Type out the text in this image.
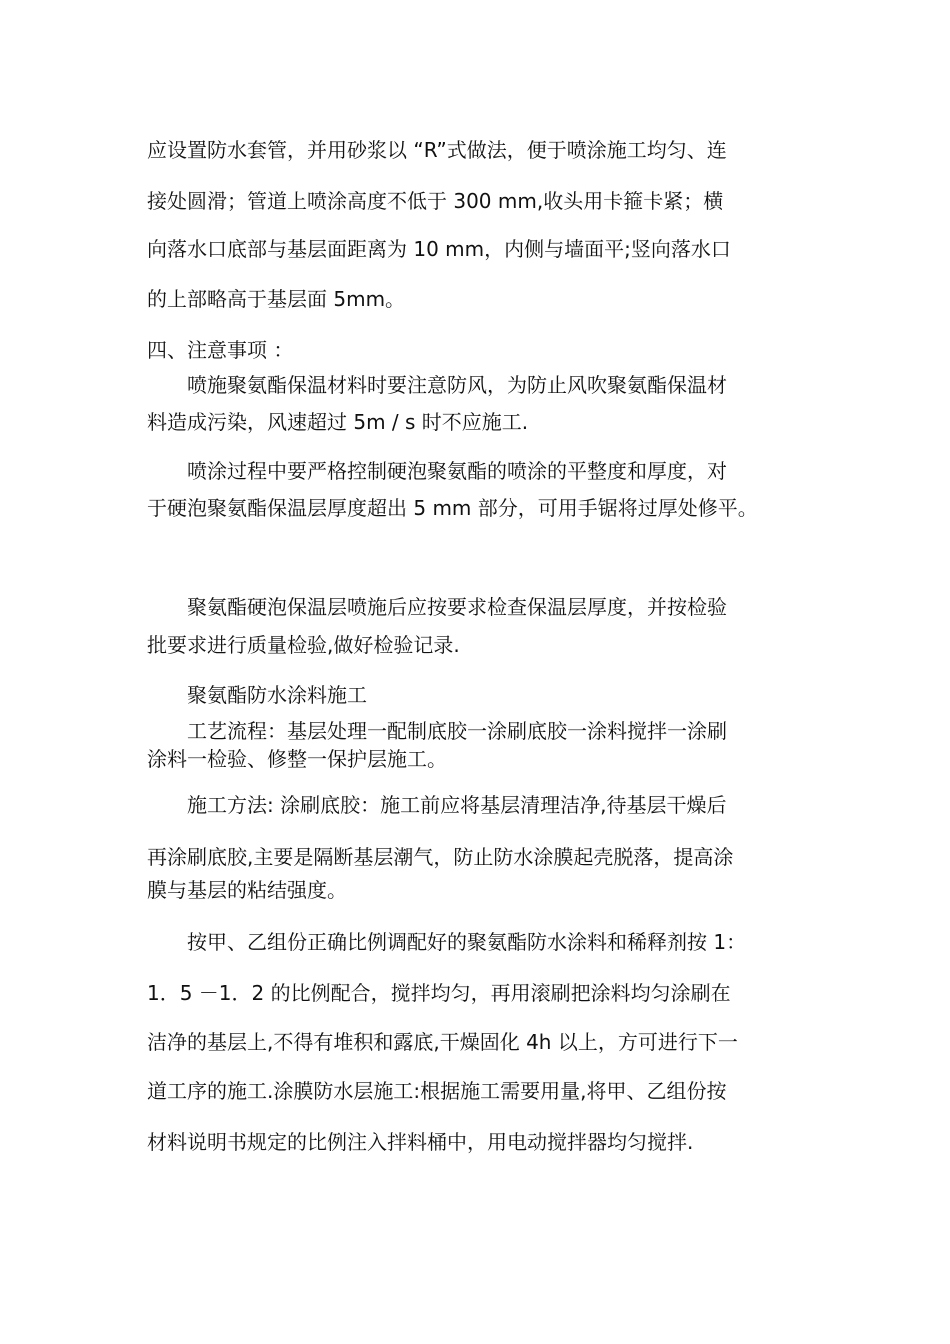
应设置防水套管，并用砂浆以 “R”式做法，便于喷涂施工均匀、连
接处圆滑；管道上喷涂高度不低于 300 mm,收头用卡箍卡紧；横
向落水口底部与基层面距离为 10 mm，内侧与墙面平;竖向落水口
的上部略高于基层面 5mm。
四、注意事项 ：
　　喷施聚氨酯保温材料时要注意防风，为防止风吹聚氨酯保温材
料造成污染，风速超过 5m / s 时不应施工.
　　喷涂过程中要严格控制硬泡聚氨酯的喷涂的平整度和厚度，对
于硬泡聚氨酯保温层厚度超出 5 mm 部分，可用手锯将过厚处修平。
　　聚氨酯硬泡保温层喷施后应按要求检查保温层厚度，并按检验
批要求进行质量检验,做好检验记录.
　　聚氨酯防水涂料施工
　　工艺流程：基层处理一配制底胶一涂刷底胶一涂料搅拌一涂刷
涂料一检验、修整一保护层施工。
　　施工方法: 涂刷底胶：施工前应将基层清理洁净,待基层干燥后
再涂刷底胶,主要是隔断基层潮气，防止防水涂膜起壳脱落，提高涂
膜与基层的粘结强度。
　　按甲、乙组份正确比例调配好的聚氨酯防水涂料和稀释剂按 1：
1．5 －1．2 的比例配合，搅拌均匀，再用滚刷把涂料均匀涂刷在
洁净的基层上,不得有堆积和露底,干燥固化 4h 以上，方可进行下一
道工序的施工.涂膜防水层施工:根据施工需要用量,将甲、乙组份按
材料说明书规定的比例注入拌料桶中，用电动搅拌器均匀搅拌.
